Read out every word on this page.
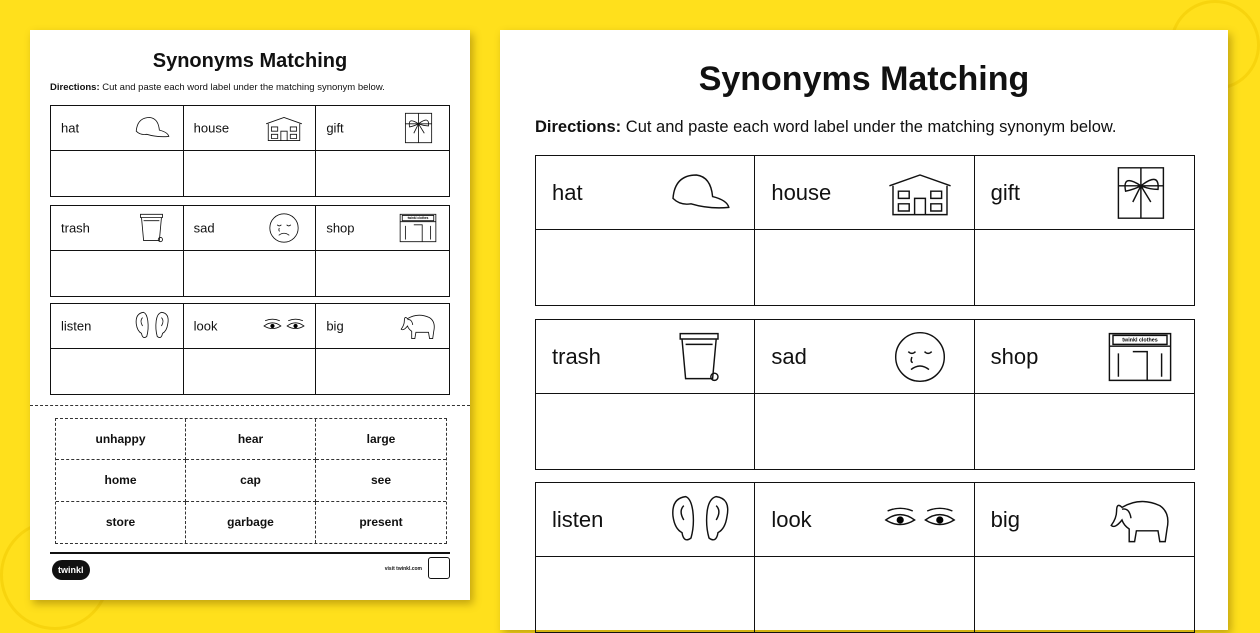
Synonyms Matching
Directions: Cut and paste each word label under the matching synonym below.
hat	house	gift
trash	sad	shop
twinkl clothes
listen	look	big
unhappy	hear	large
home	cap	see
store	garbage	present
twinkl	visit twinkl.com
Synonyms Matching
Directions: Cut and paste each word label under the matching synonym below.
hat	house	gift
trash	sad	shop
twinkl clothes
listen	look	big
